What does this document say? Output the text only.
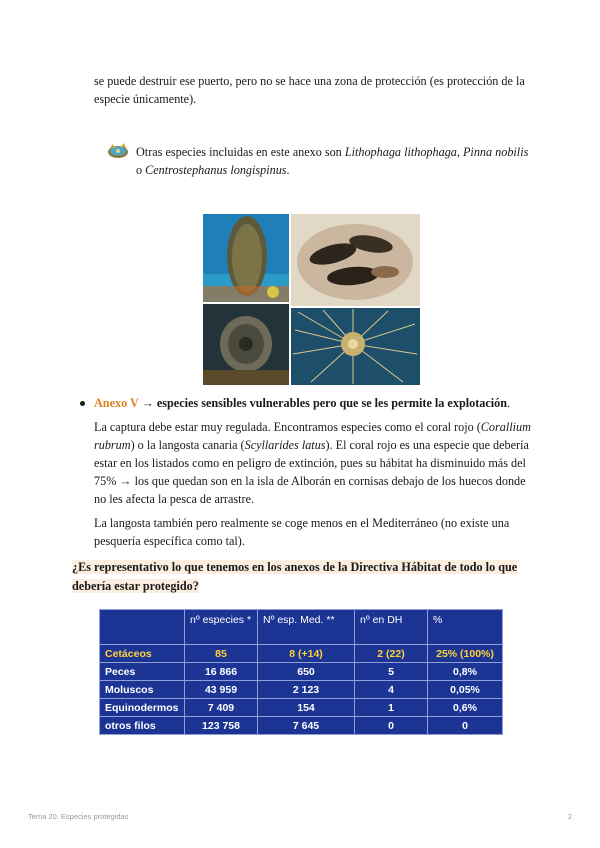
se puede destruir ese puerto, pero no se hace una zona de protección (es protección de la especie únicamente).
Otras especies incluidas en este anexo son Lithophaga lithophaga, Pinna nobilis o Centrostephanus longispinus.
Anexo V → especies sensibles vulnerables pero que se les permite la explotación.
La captura debe estar muy regulada. Encontramos especies como el coral rojo (Corallium rubrum) o la langosta canaria (Scyllarides latus). El coral rojo es una especie que debería estar en los listados como en peligro de extinción, pues su hábitat ha disminuido más del 75% → los que quedan son en la isla de Alborán en cornisas debajo de los huecos donde no les afecta la pesca de arrastre.
La langosta también pero realmente se coge menos en el Mediterráneo (no existe una pesquería específica como tal).
¿Es representativo lo que tenemos en los anexos de la Directiva Hábitat de todo lo que debería estar protegido?
	nº especies *	Nº esp. Med. **	nº en DH	%
Cetáceos	85	8 (+14)	2 (22)	25% (100%)
Peces	16 866	650	5	0,8%
Moluscos	43 959	2 123	4	0,05%
Equinodermos	7 409	154	1	0,6%
otros filos	123 758	7 645	0	0
Tema 20. Especies protegidas	2
